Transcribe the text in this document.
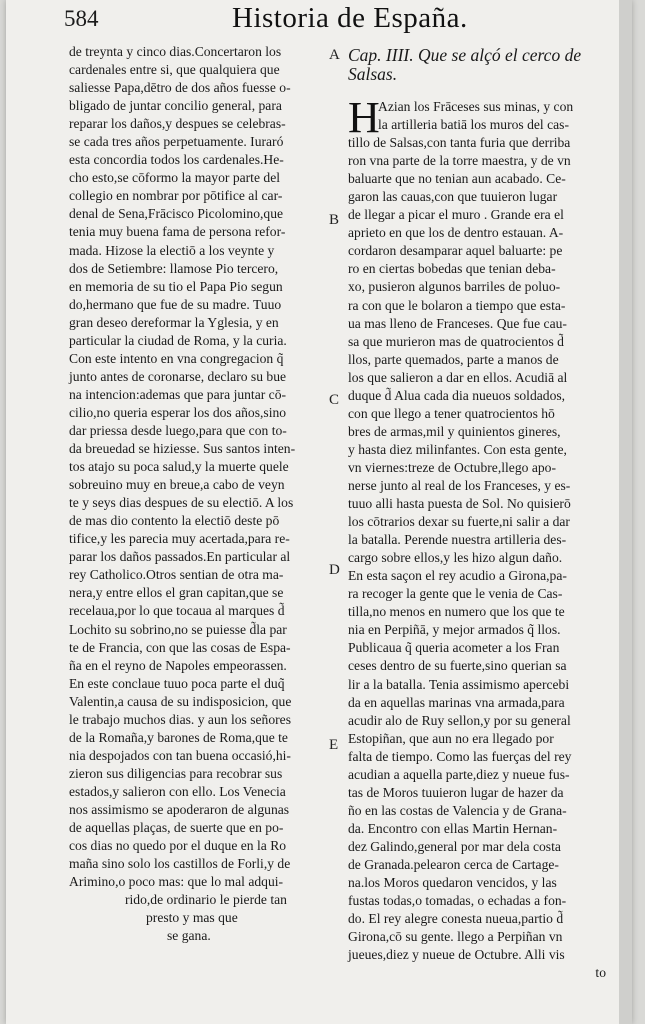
584	Historia de España.
de treynta y cinco dias.Concertaron los
cardenales entre si, que qualquiera que
saliesse Papa,dētro de dos años fuesse o-
bligado de juntar concilio general, para
reparar los daños,y despues se celebras-
se cada tres años perpetuamente. Iuraró
esta concordia todos los cardenales.He-
cho esto,se cōformo la mayor parte del
collegio en nombrar por pōtifice al car-
denal de Sena,Frācisco Picolomino,que
tenia muy buena fama de persona refor-
mada. Hizose la electiō a los veynte y
dos de Setiembre: llamose Pio tercero,
en memoria de su tio el Papa Pio segun
do,hermano que fue de su madre. Tuuo
gran deseo dereformar la Yglesia, y en
particular la ciudad de Roma, y la curia.
Con este intento en vna congregacion q̃
junto antes de coronarse, declaro su bue
na intencion:ademas que para juntar cō-
cilio,no queria esperar los dos años,sino
dar priessa desde luego,para que con to-
da breuedad se hiziesse. Sus santos inten-
tos atajo su poca salud,y la muerte quele
sobreuino muy en breue,a cabo de veyn
te y seys dias despues de su electiō. A los
de mas dio contento la electiō deste pō
tifice,y les parecia muy acertada,para re-
parar los daños passados.En particular al
rey Catholico.Otros sentian de otra ma-
nera,y entre ellos el gran capitan,que se
recelaua,por lo que tocaua al marques d̃
Lochito su sobrino,no se puiesse d̃la par
te de Francia, con que las cosas de Espa-
ña en el reyno de Napoles empeorassen.
En este conclaue tuuo poca parte el duq̃
Valentin,a causa de su indisposicion, que
le trabajo muchos dias. y aun los señores
de la Romaña,y barones de Roma,que te
nia despojados con tan buena occasió,hi-
zieron sus diligencias para recobrar sus
estados,y salieron con ello. Los Venecia
nos assimismo se apoderaron de algunas
de aquellas plaças, de suerte que en po-
cos dias no quedo por el duque en la Ro
maña sino solo los castillos de Forli,y de
Arimino,o poco mas: que lo mal adqui-
rido,de ordinario le pierde tan
presto y mas que
se gana.
A
B
C
D
E
Cap. IIII. Que se alçó el cerco de
Salsas.
H
Azian los Frāceses sus minas, y con
la artilleria batiā los muros del cas-
tillo de Salsas,con tanta furia que derriba
ron vna parte de la torre maestra, y de vn
baluarte que no tenian aun acabado. Ce-
garon las cauas,con que tuuieron lugar
de llegar a picar el muro . Grande era el
aprieto en que los de dentro estauan. A-
cordaron desamparar aquel baluarte: pe
ro en ciertas bobedas que tenian deba-
xo, pusieron algunos barriles de poluo-
ra con que le bolaron a tiempo que esta-
ua mas lleno de Franceses. Que fue cau-
sa que murieron mas de quatrocientos d̃
llos, parte quemados, parte a manos de
los que salieron a dar en ellos. Acudiā al
duque d̃ Alua cada dia nueuos soldados,
con que llego a tener quatrocientos hō
bres de armas,mil y quinientos gineres,
y hasta diez milinfantes. Con esta gente,
vn viernes:treze de Octubre,llego apo-
nerse junto al real de los Franceses, y es-
tuuo alli hasta puesta de Sol. No quisierō
los cōtrarios dexar su fuerte,ni salir a dar
la batalla. Perende nuestra artilleria des-
cargo sobre ellos,y les hizo algun daño.
En esta saçon el rey acudio a Girona,pa-
ra recoger la gente que le venia de Cas-
tilla,no menos en numero que los que te
nia en Perpiñā, y mejor armados q̃ llos.
Publicaua q̃ queria acometer a los Fran
ceses dentro de su fuerte,sino querian sa
lir a la batalla. Tenia assimismo apercebi
da en aquellas marinas vna armada,para
acudir alo de Ruy sellon,y por su general
Estopiñan, que aun no era llegado por
falta de tiempo. Como las fuerças del rey
acudian a aquella parte,diez y nueue fus-
tas de Moros tuuieron lugar de hazer da
ño en las costas de Valencia y de Grana-
da. Encontro con ellas Martin Hernan-
dez Galindo,general por mar dela costa
de Granada.pelearon cerca de Cartage-
na.los Moros quedaron vencidos, y las
fustas todas,o tomadas, o echadas a fon-
do. El rey alegre conesta nueua,partio d̃
Girona,cō su gente. llego a Perpiñan vn
jueues,diez y nueue de Octubre. Alli vis
to
